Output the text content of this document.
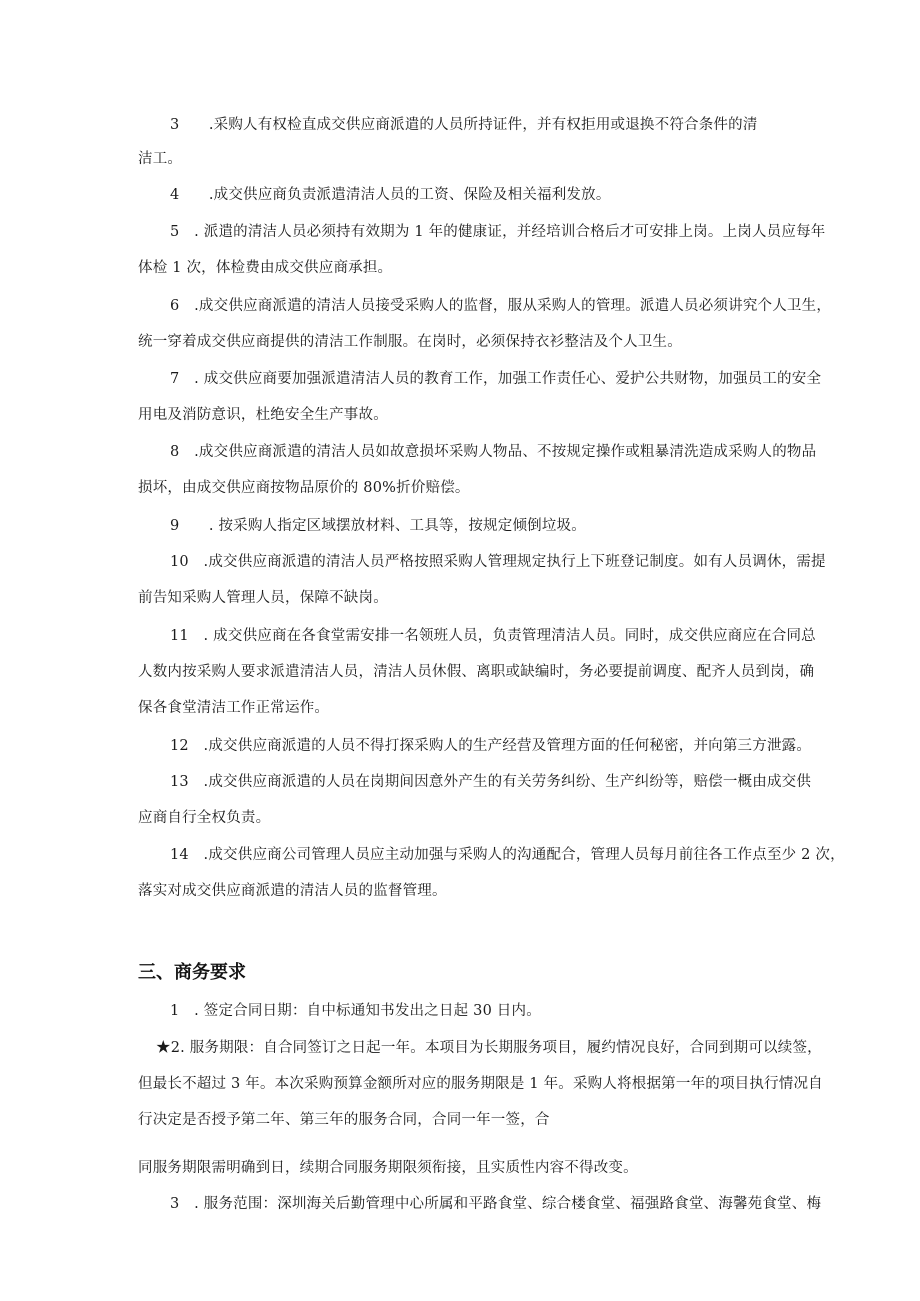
3　　.采购人有权检直成交供应商派遣的人员所持证件，并有权拒用或退换不符合条件的清
洁工。
4　　.成交供应商负责派遣清洁人员的工资、保险及相关福利发放。
5　. 派遣的清洁人员必须持有效期为 1 年的健康证，并经培训合格后才可安排上岗。上岗人员应每年
体检 1 次，体检费由成交供应商承担。
6　.成交供应商派遣的清洁人员接受采购人的监督，服从采购人的管理。派遣人员必须讲究个人卫生，
统一穿着成交供应商提供的清洁工作制服。在岗时，必须保持衣衫整洁及个人卫生。
7　. 成交供应商要加强派遣清洁人员的教育工作，加强工作责任心、爱护公共财物，加强员工的安全
用电及消防意识，杜绝安全生产事故。
8　.成交供应商派遣的清洁人员如故意损坏采购人物品、不按规定操作或粗暴清洗造成采购人的物品
损坏，由成交供应商按物品原价的 80%折价赔偿。
9　　. 按采购人指定区域摆放材料、工具等，按规定倾倒垃圾。
10　.成交供应商派遣的清洁人员严格按照采购人管理规定执行上下班登记制度。如有人员调休，需提
前告知采购人管理人员，保障不缺岗。
11　. 成交供应商在各食堂需安排一名领班人员，负责管理清洁人员。同时，成交供应商应在合同总
人数内按采购人要求派遣清洁人员，清洁人员休假、离职或缺编时，务必要提前调度、配齐人员到岗，确
保各食堂清洁工作正常运作。
12　.成交供应商派遣的人员不得打探采购人的生产经营及管理方面的任何秘密，并向第三方泄露。
13　.成交供应商派遣的人员在岗期间因意外产生的有关劳务纠纷、生产纠纷等，赔偿一概由成交供
应商自行全权负责。
14　.成交供应商公司管理人员应主动加强与采购人的沟通配合，管理人员每月前往各工作点至少 2 次，
落实对成交供应商派遣的清洁人员的监督管理。
三、商务要求
1　. 签定合同日期：自中标通知书发出之日起 30 日内。
★2. 服务期限：自合同签订之日起一年。本项目为长期服务项目，履约情况良好，合同到期可以续签，
但最长不超过 3 年。本次采购预算金额所对应的服务期限是 1 年。采购人将根据第一年的项目执行情况自
行决定是否授予第二年、第三年的服务合同，合同一年一签，合
同服务期限需明确到日，续期合同服务期限须衔接，且实质性内容不得改变。
3　. 服务范围：深圳海关后勤管理中心所属和平路食堂、综合楼食堂、福强路食堂、海馨苑食堂、梅
